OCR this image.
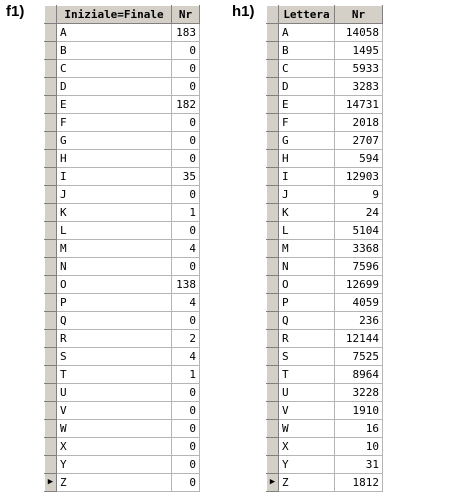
f1)
		Iniziale=Finale	Nr
	A	183
	B	0
	C	0
	D	0
	E	182
	F	0
	G	0
	H	0
	I	35
	J	0
	K	1
	L	0
	M	4
	N	0
	O	138
	P	4
	Q	0
	R	2
	S	4
	T	1
	U	0
	V	0
	W	0
	X	0
	Y	0
▶	Z	0
h1)
		Lettera	Nr
	A	14058
	B	1495
	C	5933
	D	3283
	E	14731
	F	2018
	G	2707
	H	594
	I	12903
	J	9
	K	24
	L	5104
	M	3368
	N	7596
	O	12699
	P	4059
	Q	236
	R	12144
	S	7525
	T	8964
	U	3228
	V	1910
	W	16
	X	10
	Y	31
▶	Z	1812
